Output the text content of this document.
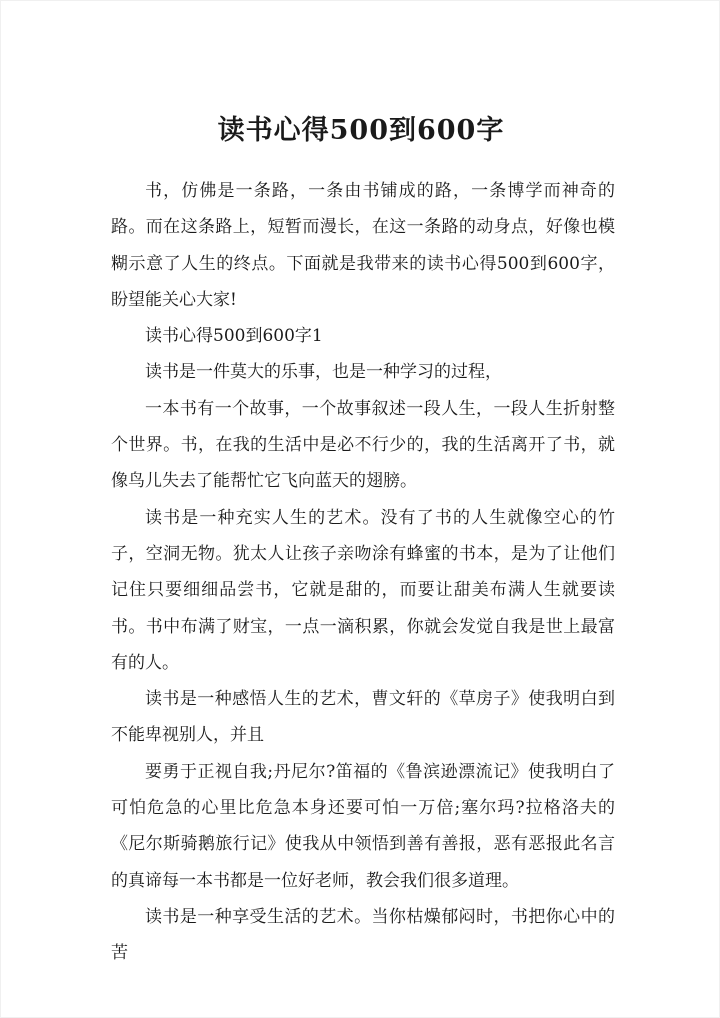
读书心得500到600字

书，仿佛是一条路，一条由书铺成的路，一条博学而神奇的路。而在这条路上，短暂而漫长，在这一条路的动身点，好像也模糊示意了人生的终点。下面就是我带来的读书心得500到600字，盼望能关心大家!

读书心得500到600字1

读书是一件莫大的乐事，也是一种学习的过程，

一本书有一个故事，一个故事叙述一段人生，一段人生折射整个世界。书，在我的生活中是必不行少的，我的生活离开了书，就像鸟儿失去了能帮忙它飞向蓝天的翅膀。

读书是一种充实人生的艺术。没有了书的人生就像空心的竹子，空洞无物。犹太人让孩子亲吻涂有蜂蜜的书本，是为了让他们记住只要细细品尝书，它就是甜的，而要让甜美布满人生就要读书。书中布满了财宝，一点一滴积累，你就会发觉自我是世上最富有的人。

读书是一种感悟人生的艺术，曹文轩的《草房子》使我明白到不能卑视别人，并且

要勇于正视自我;丹尼尔?笛福的《鲁滨逊漂流记》使我明白了可怕危急的心里比危急本身还要可怕一万倍;塞尔玛?拉格洛夫的《尼尔斯骑鹅旅行记》使我从中领悟到善有善报，恶有恶报此名言的真谛每一本书都是一位好老师，教会我们很多道理。

读书是一种享受生活的艺术。当你枯燥郁闷时，书把你心中的苦
